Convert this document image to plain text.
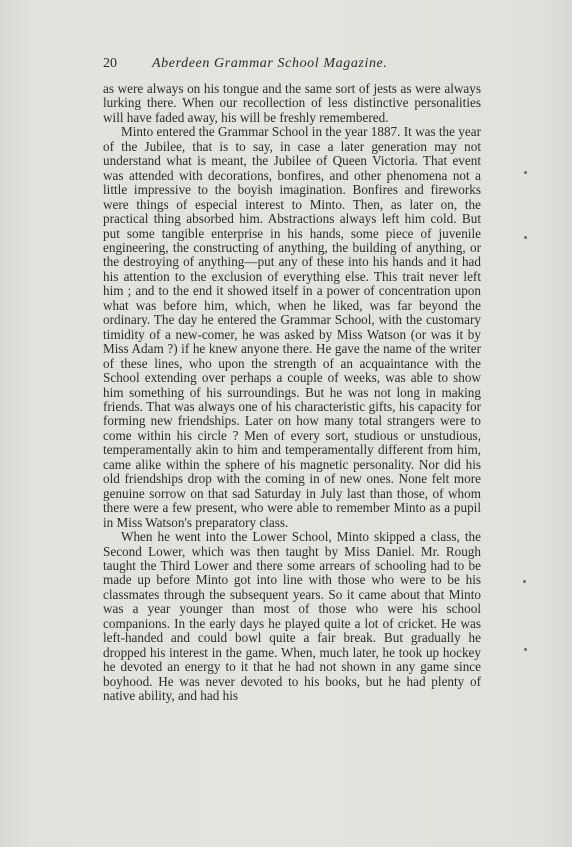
20	Aberdeen Grammar School Magazine.

as were always on his tongue and the same sort of jests as were always lurking there. When our recollection of less distinctive personalities will have faded away, his will be freshly remembered.

Minto entered the Grammar School in the year 1887. It was the year of the Jubilee, that is to say, in case a later generation may not understand what is meant, the Jubilee of Queen Victoria. That event was attended with decorations, bonfires, and other phenomena not a little impressive to the boyish imagination. Bonfires and fireworks were things of especial interest to Minto. Then, as later on, the practical thing absorbed him. Abstractions always left him cold. But put some tangible enterprise in his hands, some piece of juvenile engineering, the constructing of anything, the building of anything, or the destroying of anything—put any of these into his hands and it had his attention to the exclusion of everything else. This trait never left him ; and to the end it showed itself in a power of concentration upon what was before him, which, when he liked, was far beyond the ordinary. The day he entered the Grammar School, with the customary timidity of a new-comer, he was asked by Miss Watson (or was it by Miss Adam ?) if he knew anyone there. He gave the name of the writer of these lines, who upon the strength of an acquaintance with the School extending over perhaps a couple of weeks, was able to show him something of his surroundings. But he was not long in making friends. That was always one of his characteristic gifts, his capacity for forming new friendships. Later on how many total strangers were to come within his circle ? Men of every sort, studious or unstudious, temperamentally akin to him and temperamentally different from him, came alike within the sphere of his magnetic personality. Nor did his old friendships drop with the coming in of new ones. None felt more genuine sorrow on that sad Saturday in July last than those, of whom there were a few present, who were able to remember Minto as a pupil in Miss Watson's preparatory class.

When he went into the Lower School, Minto skipped a class, the Second Lower, which was then taught by Miss Daniel. Mr. Rough taught the Third Lower and there some arrears of schooling had to be made up before Minto got into line with those who were to be his classmates through the subsequent years. So it came about that Minto was a year younger than most of those who were his school companions. In the early days he played quite a lot of cricket. He was left-handed and could bowl quite a fair break. But gradually he dropped his interest in the game. When, much later, he took up hockey he devoted an energy to it that he had not shown in any game since boyhood. He was never devoted to his books, but he had plenty of native ability, and had his
